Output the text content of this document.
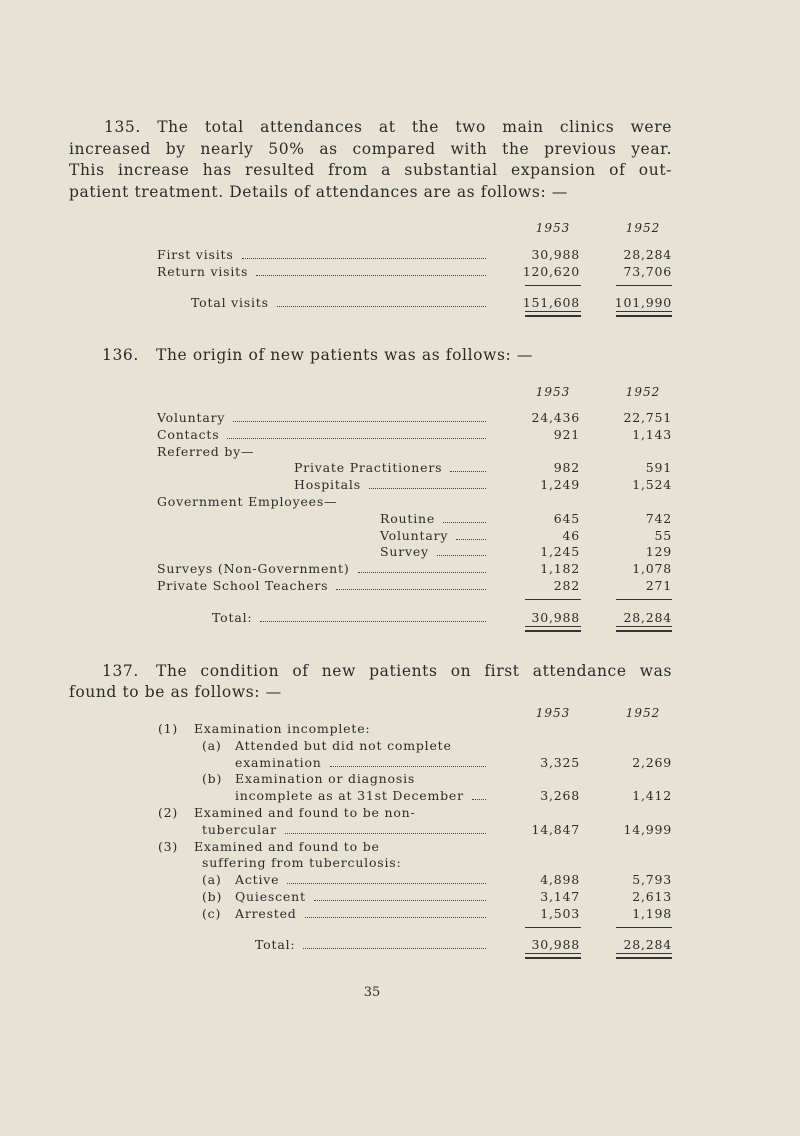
135. The total attendances at the two main clinics were
increased by nearly 50% as compared with the previous year.
This increase has resulted from a substantial expansion of out-
patient treatment. Details of attendances are as follows: —
1953	1952
First visits	30,988	28,284
Return visits	120,620	73,706
Total visits	151,608	101,990
136. The origin of new patients was as follows: —
1953	1952
Voluntary	24,436	22,751
Contacts	921	1,143
Referred by—
Private Practitioners	982	591
Hospitals	1,249	1,524
Government Employees—
Routine	645	742
Voluntary	46	55
Survey	1,245	129
Surveys (Non-Government)	1,182	1,078
Private School Teachers	282	271
Total:	30,988	28,284
137. The condition of new patients on first attendance was
found to be as follows: —
1953	1952
(1)	Examination incomplete:
(a)	Attended but did not complete
examination	3,325	2,269
(b)	Examination or diagnosis
incomplete as at 31st December	3,268	1,412
(2)	Examined and found to be non-
tubercular	14,847	14,999
(3)	Examined and found to be
suffering from tuberculosis:
(a)	Active	4,898	5,793
(b)	Quiescent	3,147	2,613
(c)	Arrested	1,503	1,198
Total:	30,988	28,284
35
